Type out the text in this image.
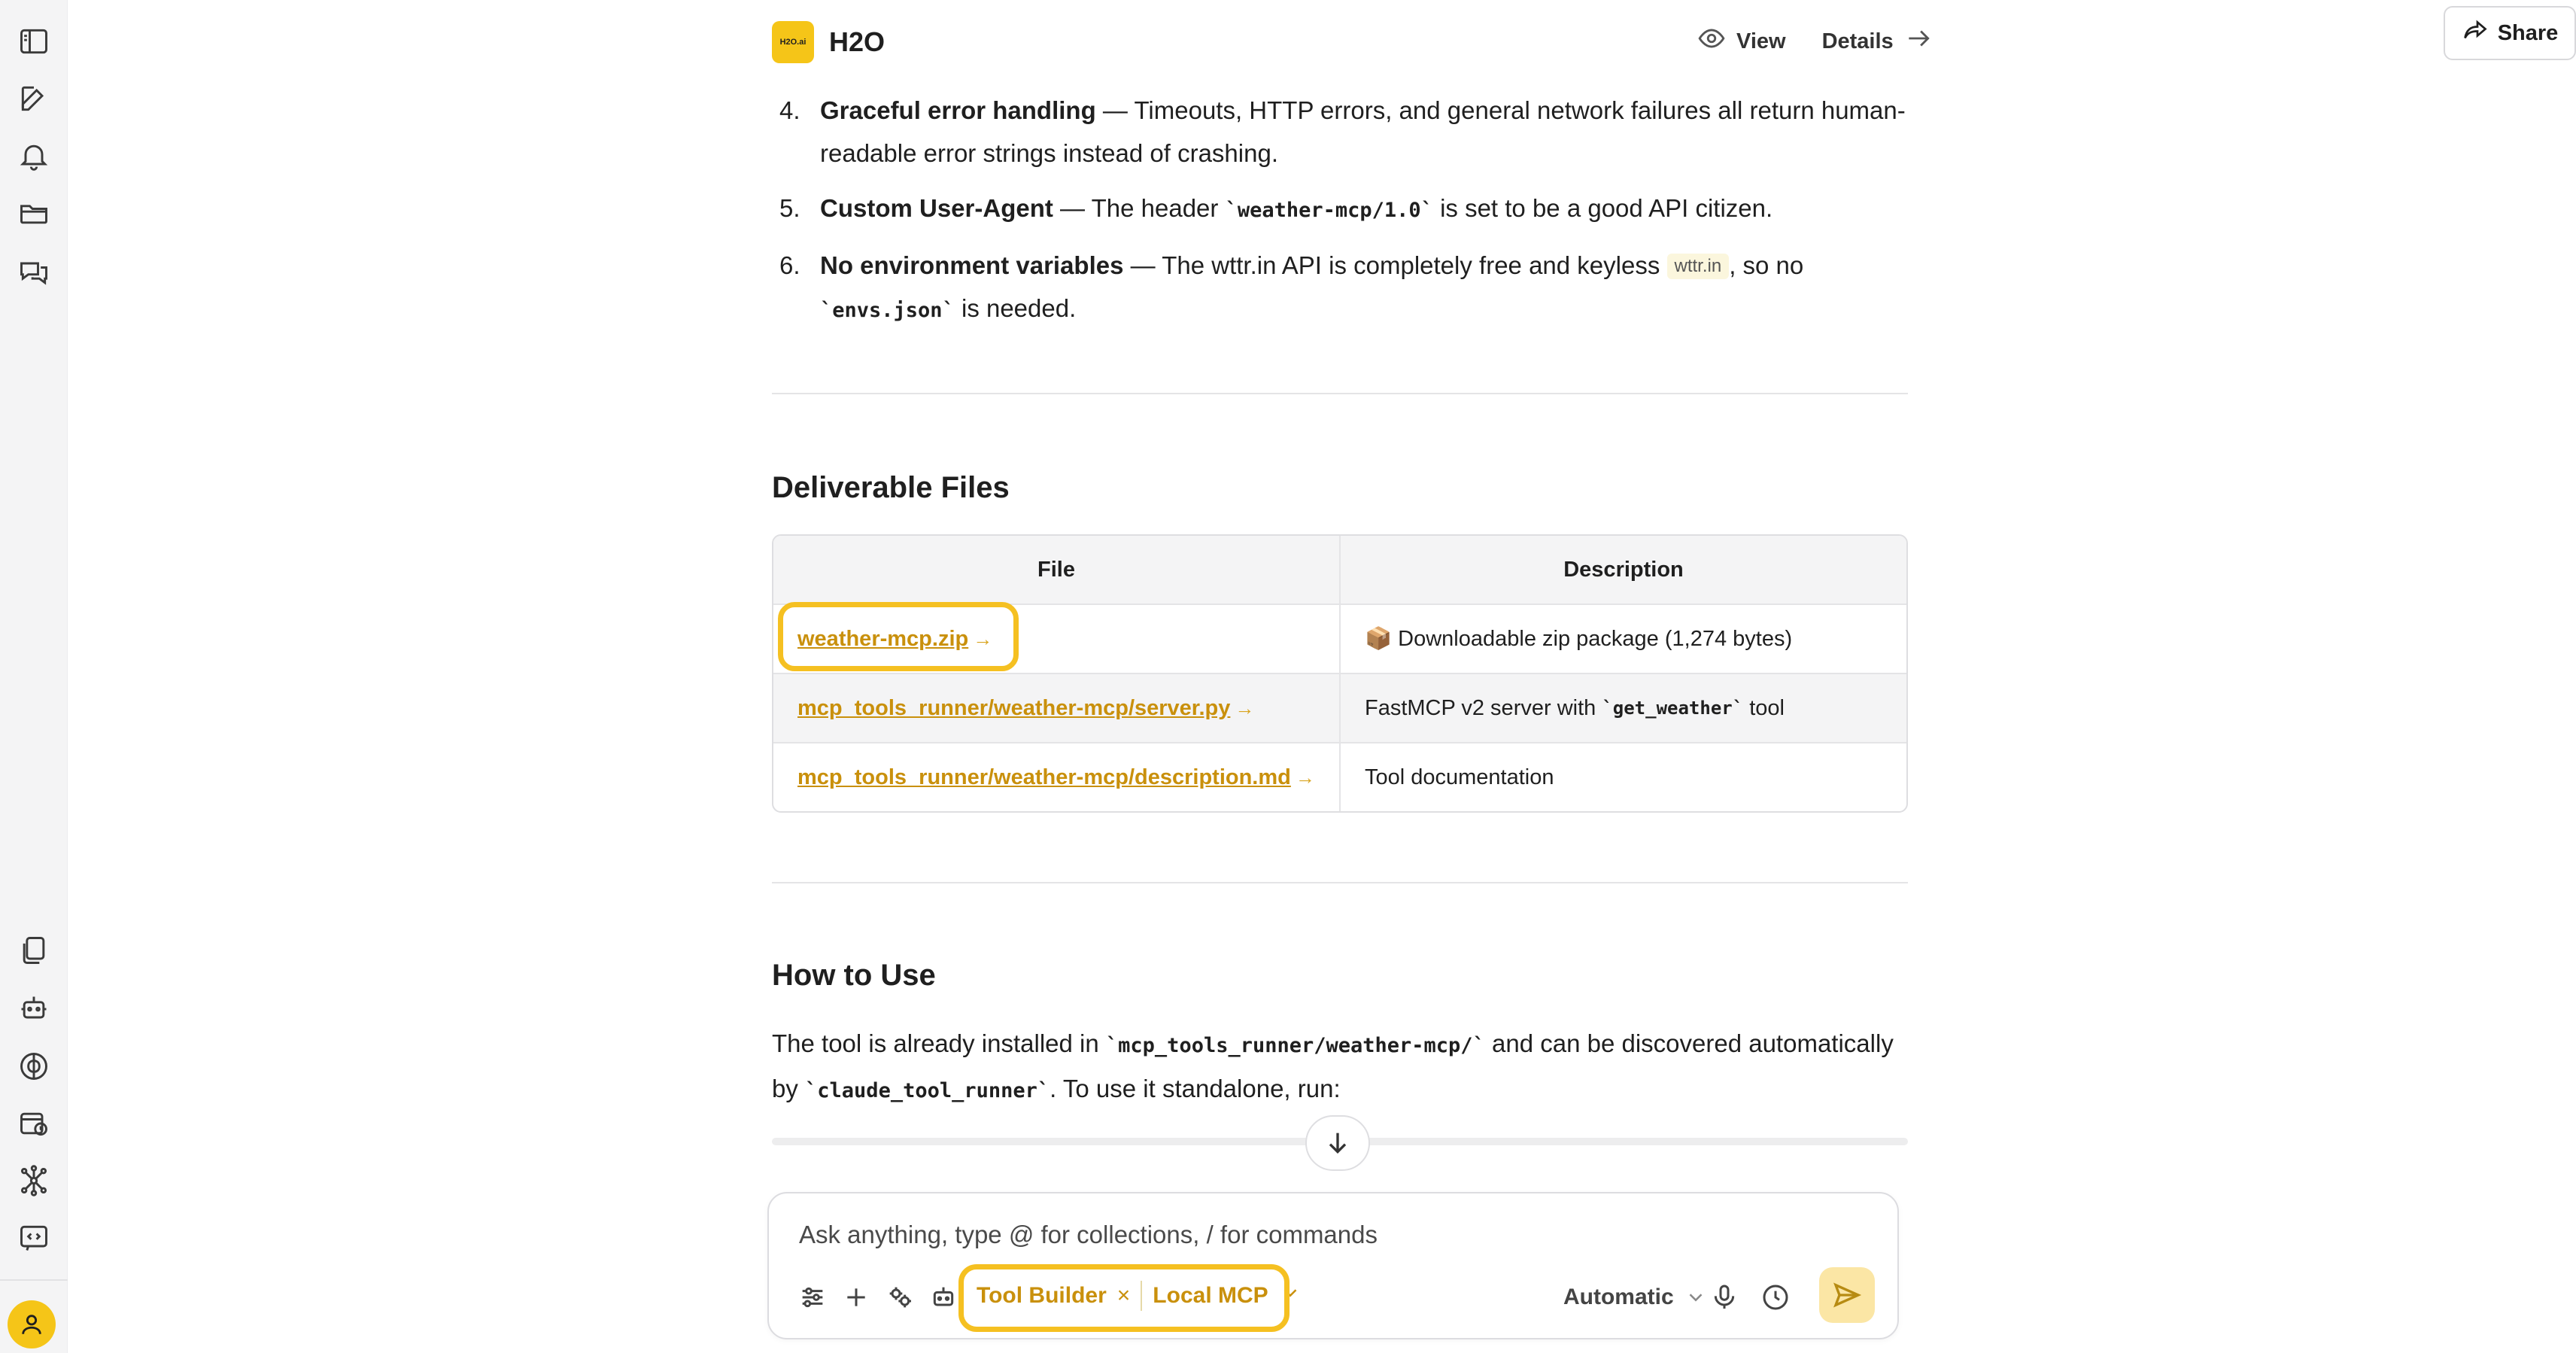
H2O.ai H2O	View Details	Share
4. Graceful error handling — Timeouts, HTTP errors, and general network failures all return human-readable error strings instead of crashing.
5. Custom User-Agent — The header `weather-mcp/1.0` is set to be a good API citizen.
6. No environment variables — The wttr.in API is completely free and keyless wttr.in , so no
`envs.json` is needed.
Deliverable Files
File	Description
weather-mcp.zip →	📦 Downloadable zip package (1,274 bytes)
mcp_tools_runner/weather-mcp/server.py →	FastMCP v2 server with
`get_weather`
tool
mcp_tools_runner/weather-mcp/description.md →	Tool documentation
How to Use
The tool is already installed in `mcp_tools_runner/weather-mcp/` and can be discovered automatically by `claude_tool_runner`. To use it standalone, run:
Ask anything, type @ for collections, / for commands
Tool Builder × Local MCP	Automatic
